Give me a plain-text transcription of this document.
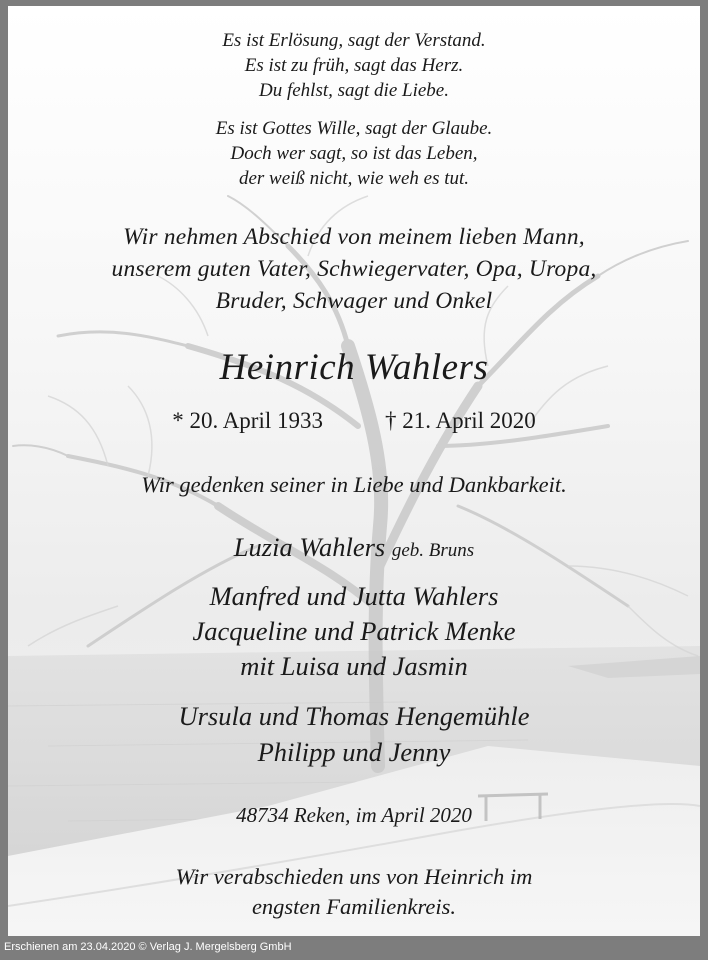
Es ist Erlösung, sagt der Verstand.
Es ist zu früh, sagt das Herz.
Du fehlst, sagt die Liebe.
Es ist Gottes Wille, sagt der Glaube.
Doch wer sagt, so ist das Leben,
der weiß nicht, wie weh es tut.
Wir nehmen Abschied von meinem lieben Mann,
unserem guten Vater, Schwiegervater, Opa, Uropa,
Bruder, Schwager und Onkel
Heinrich Wahlers
* 20. April 1933	† 21. April 2020
Wir gedenken seiner in Liebe und Dankbarkeit.
Luzia Wahlers geb. Bruns
Manfred und Jutta Wahlers
Jacqueline und Patrick Menke
mit Luisa und Jasmin
Ursula und Thomas Hengemühle
Philipp und Jenny
48734 Reken, im April 2020
Wir verabschieden uns von Heinrich im
engsten Familienkreis.
Erschienen am 23.04.2020 © Verlag J. Mergelsberg GmbH
